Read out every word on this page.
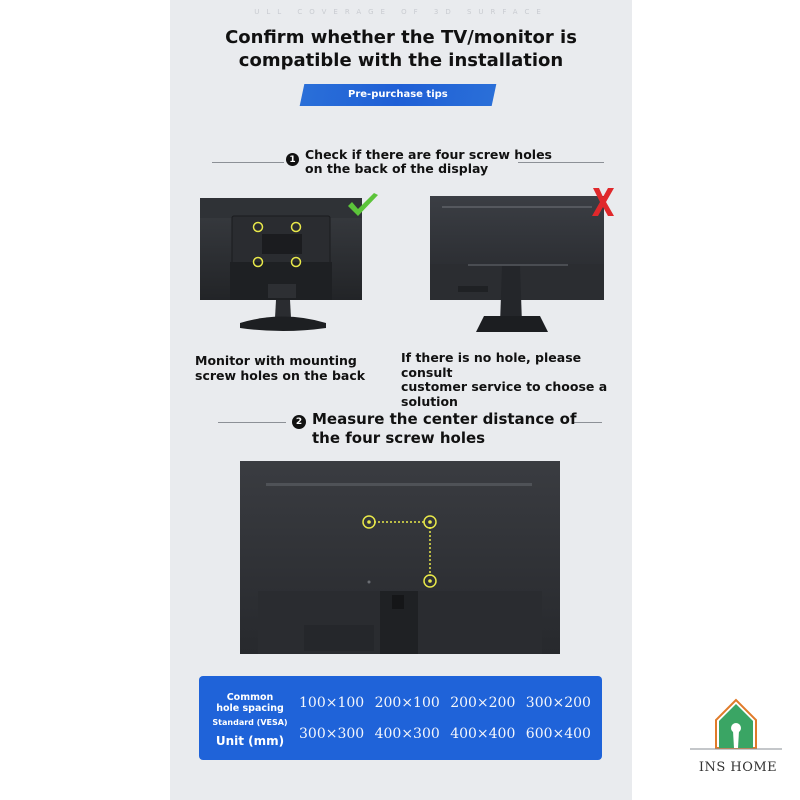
ULL COVERAGE OF 3D SURFACE
Confirm whether the TV/monitor is
compatible with the installation
Pre-purchase tips
1 Check if there are four screw holes
on the back of the display
Monitor with mounting
screw holes on the back
If there is no hole, please consult
customer service to choose a
solution
2 Measure the center distance of
the four screw holes
Common
hole spacing
Standard (VESA)
Unit (mm)
100×100 200×100 200×200 300×200
300×300 400×300 400×400 600×400
INS HOME
